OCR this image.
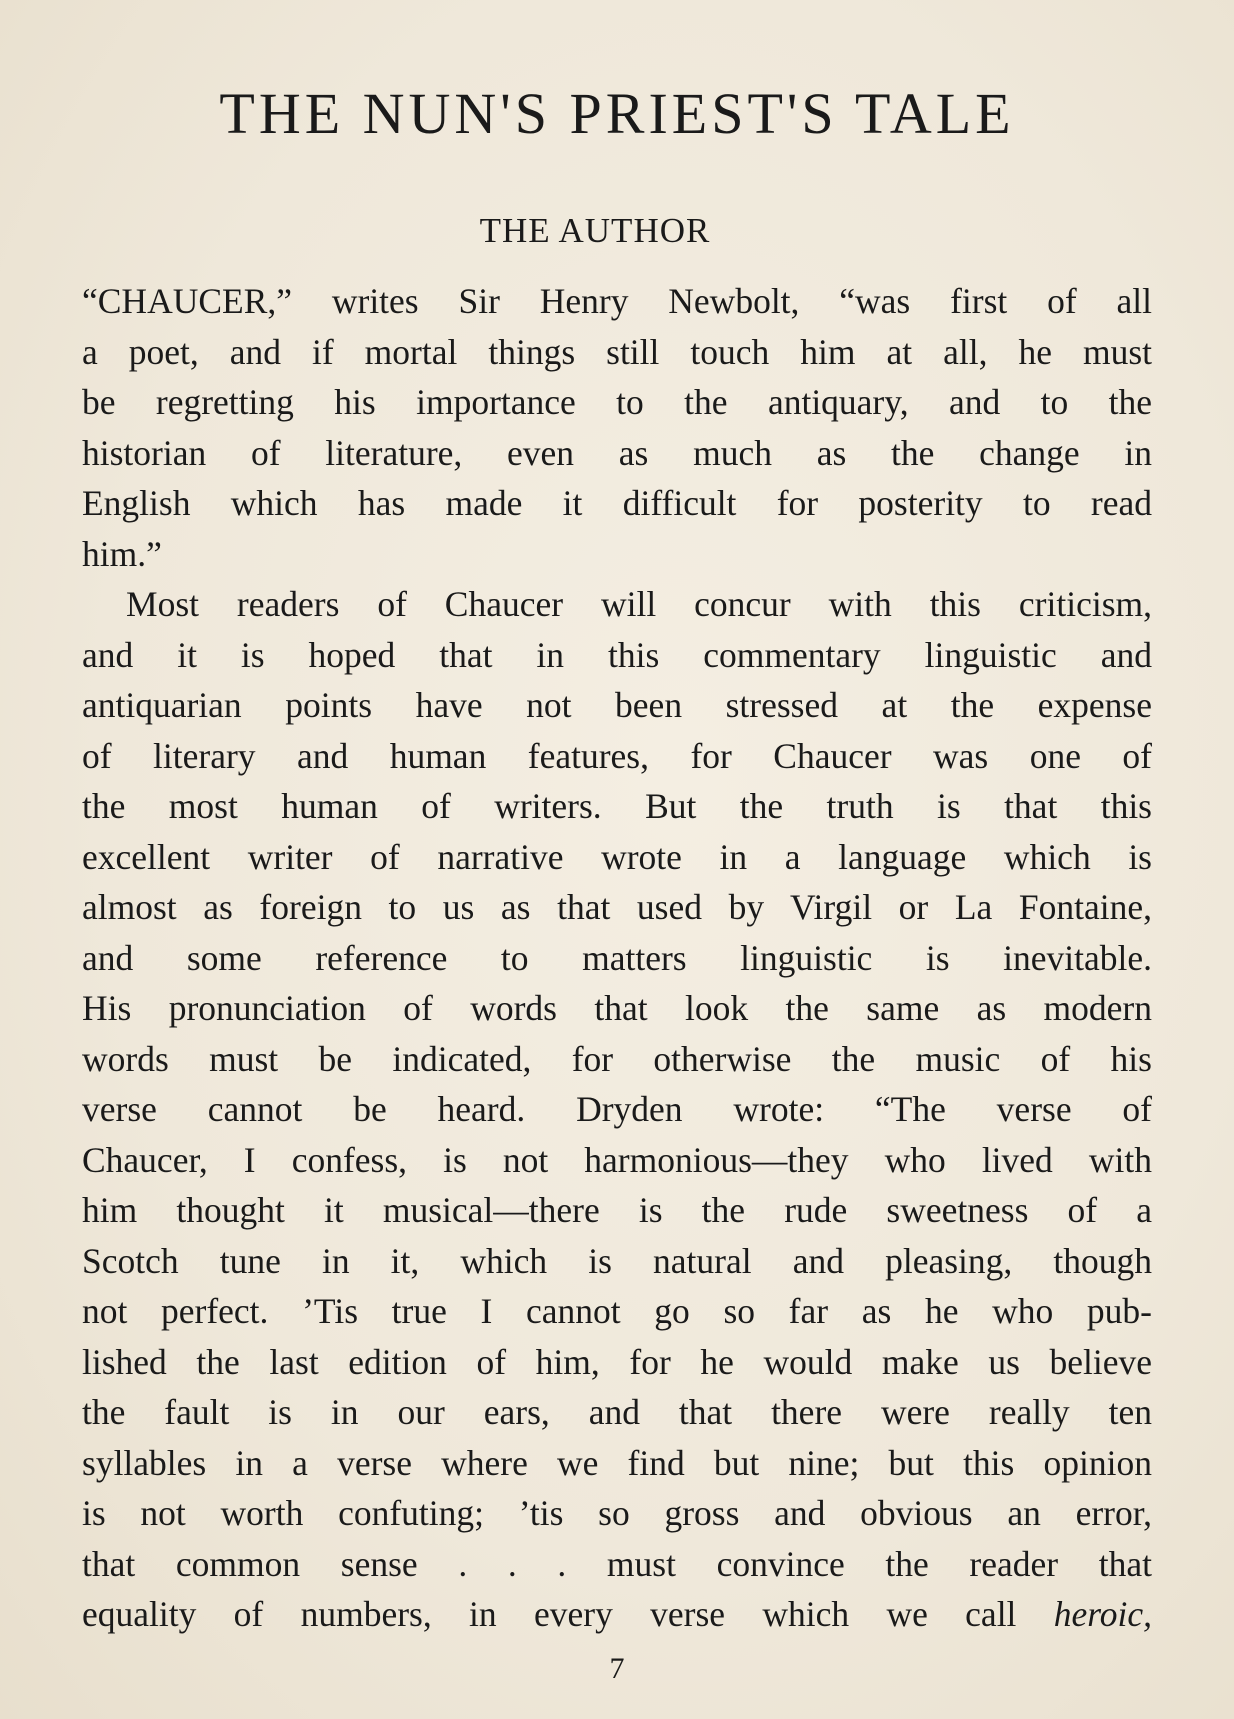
THE NUN'S PRIEST'S TALE
THE AUTHOR
“CHAUCER,” writes Sir Henry Newbolt, “was first of all
a poet, and if mortal things still touch him at all, he must
be regretting his importance to the antiquary, and to the
historian of literature, even as much as the change in
English which has made it difficult for posterity to read
him.”
Most readers of Chaucer will concur with this criticism,
and it is hoped that in this commentary linguistic and
antiquarian points have not been stressed at the expense
of literary and human features, for Chaucer was one of
the most human of writers. But the truth is that this
excellent writer of narrative wrote in a language which is
almost as foreign to us as that used by Virgil or La Fontaine,
and some reference to matters linguistic is inevitable.
His pronunciation of words that look the same as modern
words must be indicated, for otherwise the music of his
verse cannot be heard. Dryden wrote: “The verse of
Chaucer, I confess, is not harmonious—they who lived with
him thought it musical—there is the rude sweetness of a
Scotch tune in it, which is natural and pleasing, though
not perfect. ’Tis true I cannot go so far as he who pub-
lished the last edition of him, for he would make us believe
the fault is in our ears, and that there were really ten
syllables in a verse where we find but nine; but this opinion
is not worth confuting; ’tis so gross and obvious an error,
that common sense . . . must convince the reader that
equality of numbers, in every verse which we call heroic,
7
